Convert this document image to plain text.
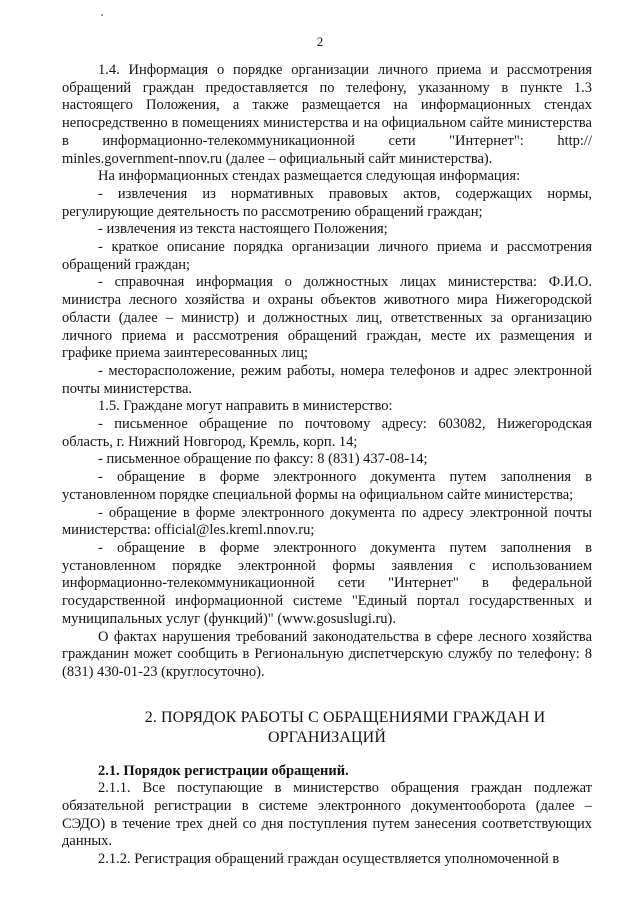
2

1.4. Информация о порядке организации личного приема и рассмотрения обращений граждан предоставляется по телефону, указанному в пункте 1.3 настоящего Положения, а также размещается на информационных стендах непосредственно в помещениях министерства и на официальном сайте министерства в информационно-телекоммуникационной сети "Интернет": http:// minles.government-nnov.ru (далее – официальный сайт министерства).

На информационных стендах размещается следующая информация:

- извлечения из нормативных правовых актов, содержащих нормы, регулирующие деятельность по рассмотрению обращений граждан;

- извлечения из текста настоящего Положения;

- краткое описание порядка организации личного приема и рассмотрения обращений граждан;

- справочная информация о должностных лицах министерства: Ф.И.О. министра лесного хозяйства и охраны объектов животного мира Нижегородской области (далее – министр) и должностных лиц, ответственных за организацию личного приема и рассмотрения обращений граждан, месте их размещения и графике приема заинтересованных лиц;

- месторасположение, режим работы, номера телефонов и адрес электронной почты министерства.

1.5. Граждане могут направить в министерство:

- письменное обращение по почтовому адресу: 603082, Нижегородская область, г. Нижний Новгород, Кремль, корп. 14;

- письменное обращение по факсу: 8 (831) 437-08-14;

- обращение в форме электронного документа путем заполнения в установленном порядке специальной формы на официальном сайте министерства;

- обращение в форме электронного документа по адресу электронной почты министерства: official@les.kreml.nnov.ru;

- обращение в форме электронного документа путем заполнения в установленном порядке электронной формы заявления с использованием информационно-телекоммуникационной сети "Интернет" в федеральной государственной информационной системе "Единый портал государственных и муниципальных услуг (функций)" (www.gosuslugi.ru).

О фактах нарушения требований законодательства в сфере лесного хозяйства гражданин может сообщить в Региональную диспетчерскую службу по телефону: 8 (831) 430-01-23 (круглосуточно).

2. ПОРЯДОК РАБОТЫ С ОБРАЩЕНИЯМИ ГРАЖДАН И ОРГАНИЗАЦИЙ

2.1. Порядок регистрации обращений.

2.1.1. Все поступающие в министерство обращения граждан подлежат обязательной регистрации в системе электронного документооборота (далее – СЭДО) в течение трех дней со дня поступления путем занесения соответствующих данных.

2.1.2. Регистрация обращений граждан осуществляется уполномоченной в
